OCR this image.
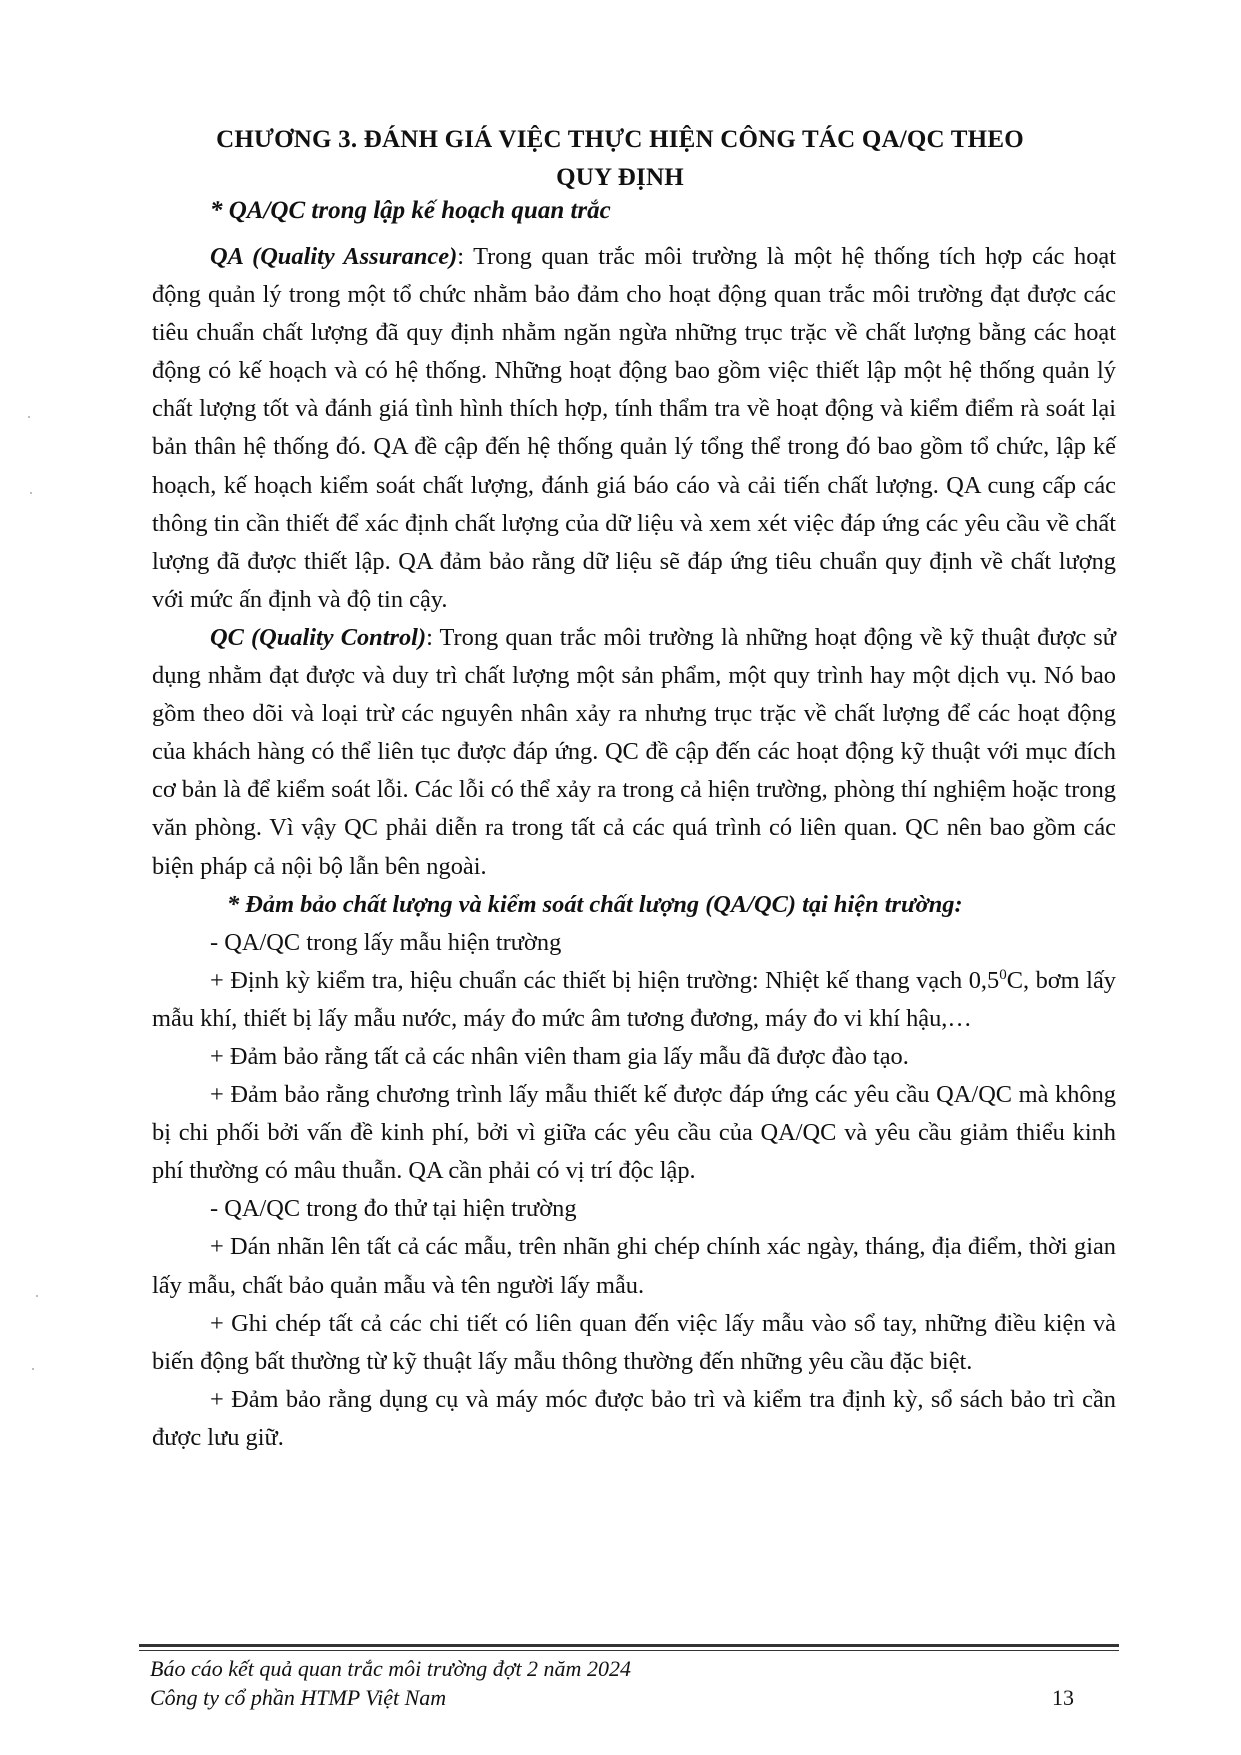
CHƯƠNG 3. ĐÁNH GIÁ VIỆC THỰC HIỆN CÔNG TÁC QA/QC THEO
QUY ĐỊNH
* QA/QC trong lập kế hoạch quan trắc

QA (Quality Assurance): Trong quan trắc môi trường là một hệ thống tích hợp các hoạt động quản lý trong một tổ chức nhằm bảo đảm cho hoạt động quan trắc môi trường đạt được các tiêu chuẩn chất lượng đã quy định nhằm ngăn ngừa những trục trặc về chất lượng bằng các hoạt động có kế hoạch và có hệ thống. Những hoạt động bao gồm việc thiết lập một hệ thống quản lý chất lượng tốt và đánh giá tình hình thích hợp, tính thẩm tra về hoạt động và kiểm điểm rà soát lại bản thân hệ thống đó. QA đề cập đến hệ thống quản lý tổng thể trong đó bao gồm tổ chức, lập kế hoạch, kế hoạch kiểm soát chất lượng, đánh giá báo cáo và cải tiến chất lượng. QA cung cấp các thông tin cần thiết để xác định chất lượng của dữ liệu và xem xét việc đáp ứng các yêu cầu về chất lượng đã được thiết lập. QA đảm bảo rằng dữ liệu sẽ đáp ứng tiêu chuẩn quy định về chất lượng với mức ấn định và độ tin cậy.

QC (Quality Control): Trong quan trắc môi trường là những hoạt động về kỹ thuật được sử dụng nhằm đạt được và duy trì chất lượng một sản phẩm, một quy trình hay một dịch vụ. Nó bao gồm theo dõi và loại trừ các nguyên nhân xảy ra nhưng trục trặc về chất lượng để các hoạt động của khách hàng có thể liên tục được đáp ứng. QC đề cập đến các hoạt động kỹ thuật với mục đích cơ bản là để kiểm soát lỗi. Các lỗi có thể xảy ra trong cả hiện trường, phòng thí nghiệm hoặc trong văn phòng. Vì vậy QC phải diễn ra trong tất cả các quá trình có liên quan. QC nên bao gồm các biện pháp cả nội bộ lẫn bên ngoài.

* Đảm bảo chất lượng và kiểm soát chất lượng (QA/QC) tại hiện trường:

- QA/QC trong lấy mẫu hiện trường

+ Định kỳ kiểm tra, hiệu chuẩn các thiết bị hiện trường: Nhiệt kế thang vạch $0,5^0C$, bơm lấy mẫu khí, thiết bị lấy mẫu nước, máy đo mức âm tương đương, máy đo vi khí hậu,…

+ Đảm bảo rằng tất cả các nhân viên tham gia lấy mẫu đã được đào tạo.

+ Đảm bảo rằng chương trình lấy mẫu thiết kế được đáp ứng các yêu cầu QA/QC mà không bị chi phối bởi vấn đề kinh phí, bởi vì giữa các yêu cầu của QA/QC và yêu cầu giảm thiểu kinh phí thường có mâu thuẫn. QA cần phải có vị trí độc lập.

- QA/QC trong đo thử tại hiện trường

+ Dán nhãn lên tất cả các mẫu, trên nhãn ghi chép chính xác ngày, tháng, địa điểm, thời gian lấy mẫu, chất bảo quản mẫu và tên người lấy mẫu.

+ Ghi chép tất cả các chi tiết có liên quan đến việc lấy mẫu vào sổ tay, những điều kiện và biến động bất thường từ kỹ thuật lấy mẫu thông thường đến những yêu cầu đặc biệt.

+ Đảm bảo rằng dụng cụ và máy móc được bảo trì và kiểm tra định kỳ, sổ sách bảo trì cần được lưu giữ.

Báo cáo kết quả quan trắc môi trường đợt 2 năm 2024
Công ty cổ phần HTMP Việt Nam	13
